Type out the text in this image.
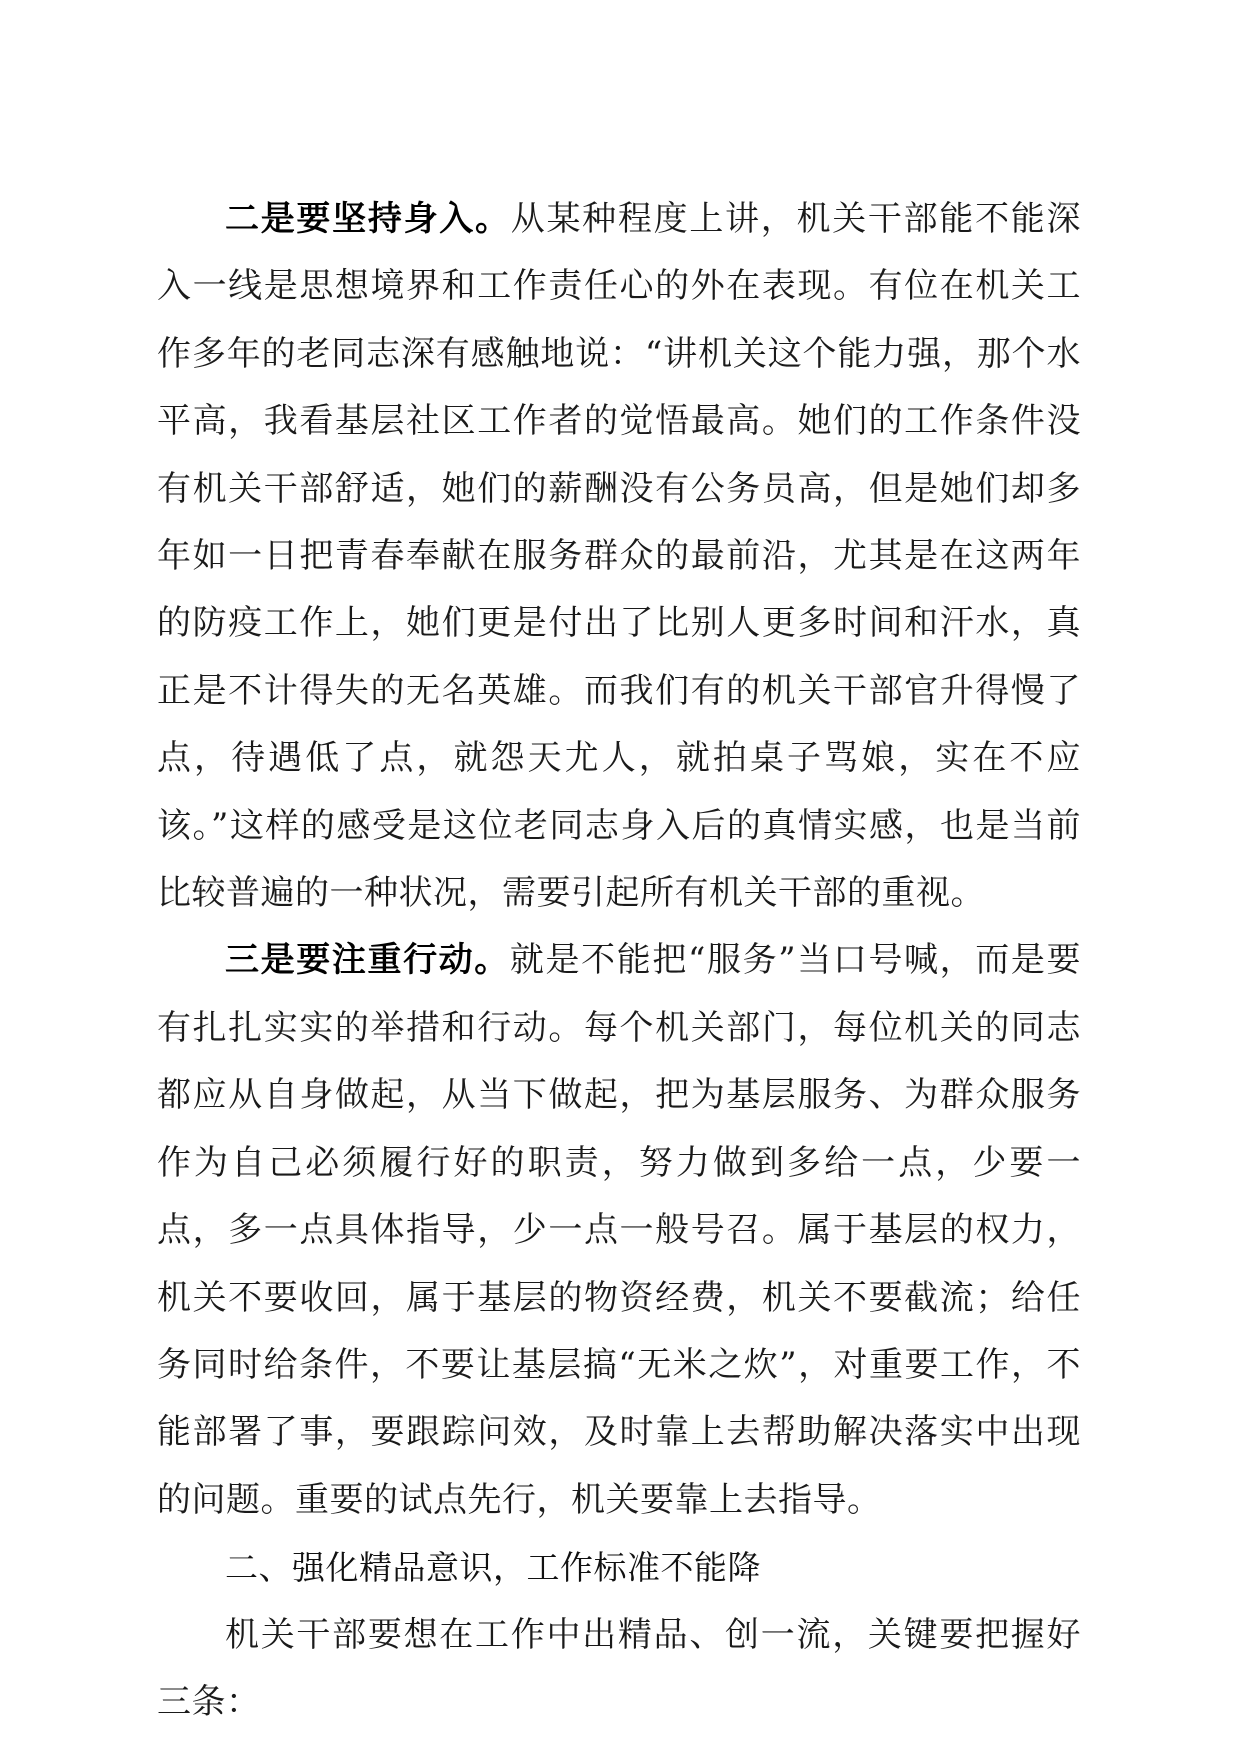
二是要坚持身入。从某种程度上讲，机关干部能不能深入一线是思想境界和工作责任心的外在表现。有位在机关工作多年的老同志深有感触地说：“讲机关这个能力强，那个水平高，我看基层社区工作者的觉悟最高。她们的工作条件没有机关干部舒适，她们的薪酬没有公务员高，但是她们却多年如一日把青春奉献在服务群众的最前沿，尤其是在这两年的防疫工作上，她们更是付出了比别人更多时间和汗水，真正是不计得失的无名英雄。而我们有的机关干部官升得慢了点，待遇低了点，就怨天尤人，就拍桌子骂娘，实在不应该。”这样的感受是这位老同志身入后的真情实感，也是当前比较普遍的一种状况，需要引起所有机关干部的重视。

三是要注重行动。就是不能把“服务”当口号喊，而是要有扎扎实实的举措和行动。每个机关部门，每位机关的同志都应从自身做起，从当下做起，把为基层服务、为群众服务作为自己必须履行好的职责，努力做到多给一点，少要一点，多一点具体指导，少一点一般号召。属于基层的权力，机关不要收回，属于基层的物资经费，机关不要截流；给任务同时给条件，不要让基层搞“无米之炊”，对重要工作，不能部署了事，要跟踪问效，及时靠上去帮助解决落实中出现的问题。重要的试点先行，机关要靠上去指导。

二、强化精品意识，工作标准不能降

机关干部要想在工作中出精品、创一流，关键要把握好三条：
